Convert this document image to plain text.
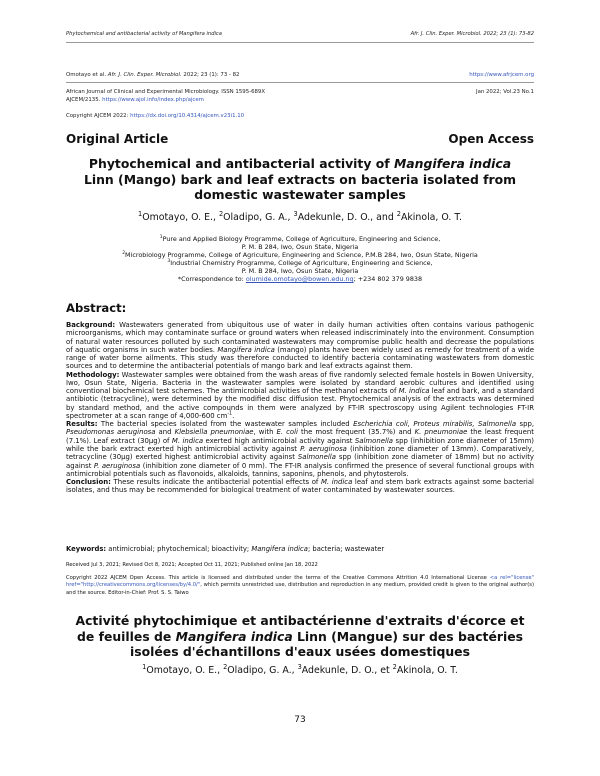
Phytochemical and antibacterial activity of Mangifera indica	Afr. J. Clin. Exper. Microbiol. 2022; 23 (1): 73-82
Omotayo et al. Afr. J. Clin. Exper. Microbiol. 2022; 23 (1): 73 - 82	https://www.afrjcem.org
African Journal of Clinical and Experimental Microbiology. ISSN 1595-689X	Jan 2022; Vol.23 No.1
AJCEM/2135. https://www.ajol.info/index.php/ajcem
Copyright AJCEM 2022: https://dx.doi.org/10.4314/ajcem.v23i1.10
Original Article	Open Access
Phytochemical and antibacterial activity of Mangifera indica
Linn (Mango) bark and leaf extracts on bacteria isolated from domestic wastewater samples
$^1$Omotayo, O. E., $^2$Oladipo, G. A., $^3$Adekunle, D. O., and $^2$Akinola, O. T.
$^1$Pure and Applied Biology Programme, College of Agriculture, Engineering and Science,
P. M. B 284, Iwo, Osun State, Nigeria
$^2$Microbiology Programme, College of Agriculture, Engineering and Science, P.M.B 284, Iwo, Osun State, Nigeria
$^3$Industrial Chemistry Programme, College of Agriculture, Engineering and Science,
P. M. B 284, Iwo, Osun State, Nigeria
*Correspondence to: olumide.omotayo@bowen.edu.ng; +234 802 379 9838
Abstract:

Background: Wastewaters generated from ubiquitous use of water in daily human activities often contains various pathogenic microorganisms, which may contaminate surface or ground waters when released indiscriminately into the environment. Consumption of natural water resources polluted by such contaminated wastewaters may compromise public health and decrease the populations of aquatic organisms in such water bodies. Mangifera indica (mango) plants have been widely used as remedy for treatment of a wide range of water borne ailments. This study was therefore conducted to identify bacteria contaminating wastewaters from domestic sources and to determine the antibacterial potentials of mango bark and leaf extracts against them.

Methodology: Wastewater samples were obtained from the wash areas of five randomly selected female hostels in Bowen University, Iwo, Osun State, Nigeria. Bacteria in the wastewater samples were isolated by standard aerobic cultures and identified using conventional biochemical test schemes. The antimicrobial activities of the methanol extracts of M. indica leaf and bark, and a standard antibiotic (tetracycline), were determined by the modified disc diffusion test. Phytochemical analysis of the extracts was determined by standard method, and the active compounds in them were analyzed by FT-IR spectroscopy using Agilent technologies FT-IR spectrometer at a scan range of 4,000-600 $cm^{-1}$.

Results: The bacterial species isolated from the wastewater samples included Escherichia coli, Proteus mirabilis, Salmonella spp, Pseudomonas aeruginosa and Klebsiella pneumoniae, with E. coli the most frequent (35.7%) and K. pneumoniae the least frequent (7.1%). Leaf extract (30µg) of M. indica exerted high antimicrobial activity against Salmonella spp (inhibition zone diameter of 15mm) while the bark extract exerted high antimicrobial activity against P. aeruginosa (inhibition zone diameter of 13mm). Comparatively, tetracycline (30µg) exerted highest antimicrobial activity against Salmonella spp (inhibition zone diameter of 18mm) but no activity against P. aeruginosa (inhibition zone diameter of 0 mm). The FT-IR analysis confirmed the presence of several functional groups with antimicrobial potentials such as flavonoids, alkaloids, tannins, saponins, phenols, and phytosterols.

Conclusion: These results indicate the antibacterial potential effects of M. indica leaf and stem bark extracts against some bacterial isolates, and thus may be recommended for biological treatment of water contaminated by wastewater sources.

Keywords: antimicrobial; phytochemical; bioactivity; Mangifera indica; bacteria; wastewater
Received Jul 3, 2021; Revised Oct 8, 2021; Accepted Oct 11, 2021; Published online Jan 18, 2022
Copyright 2022 AJCEM Open Access. This article is licensed and distributed under the terms of the Creative Commons Attrition 4.0 International License <a rel="license" href="http://creativecommons.org/licenses/by/4.0/", which permits unrestricted use, distribution and reproduction in any medium, provided credit is given to the original author(s) and the source. Editor-in-Chief: Prof. S. S. Taiwo
Activité phytochimique et antibactérienne d'extraits d'écorce et de feuilles de Mangifera indica Linn (Mangue) sur des bactéries isolées d'échantillons d'eaux usées domestiques
$^1$Omotayo, O. E., $^2$Oladipo, G. A., $^3$Adekunle, D. O., et $^2$Akinola, O. T.
73
